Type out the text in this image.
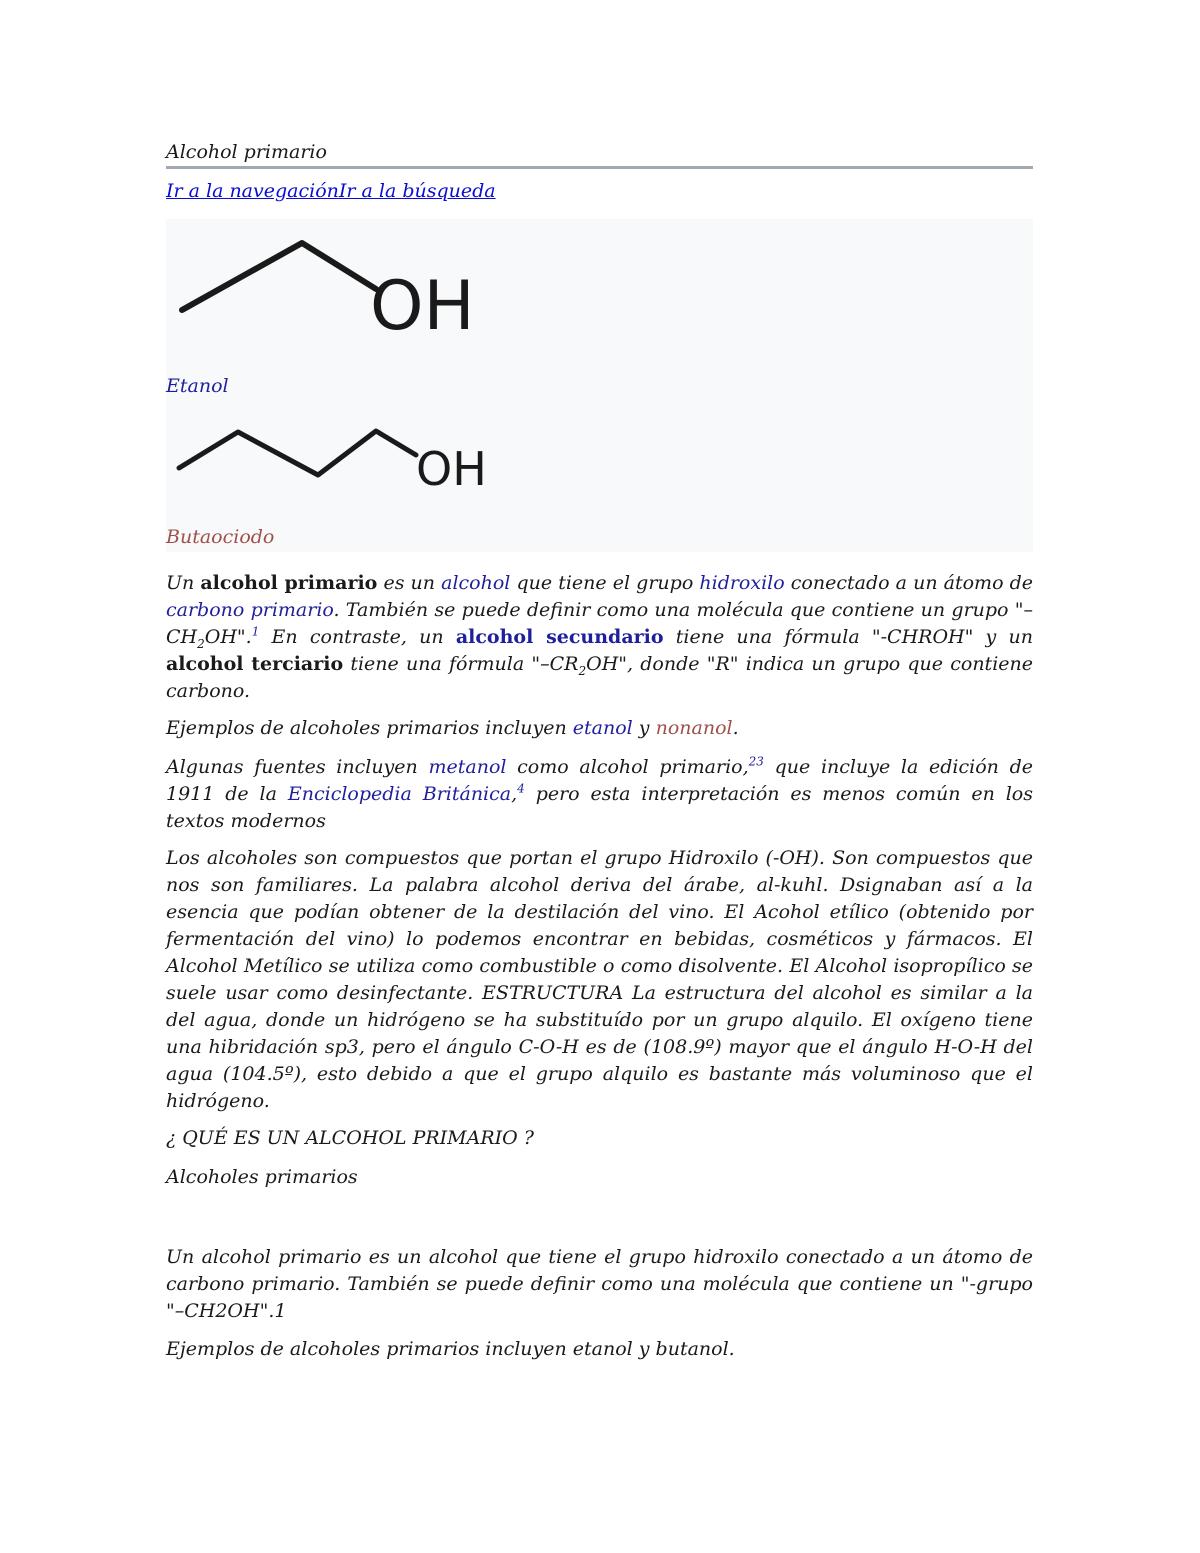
Alcohol primario
Ir a la navegaciónIr a la búsqueda
OH
Etanol
OH
Butaociodo

Un alcohol primario es un alcohol que tiene el grupo hidroxilo conectado a un átomo de carbono primario. También se puede definir como una molécula que contiene un grupo "$-CH_2OH".^1$ En contraste, un alcohol secundario tiene una fórmula "-CHROH" y un alcohol terciario tiene una fórmula "$-CR_2OH$", donde "R" indica un grupo que contiene carbono.

Ejemplos de alcoholes primarios incluyen etanol y nonanol.

Algunas fuentes incluyen metanol como alcohol primario,$^{23}$ que incluye la edición de 1911 de la Enciclopedia Británica,$^4$ pero esta interpretación es menos común en los textos modernos

Los alcoholes son compuestos que portan el grupo Hidroxilo (-OH). Son compuestos que nos son familiares. La palabra alcohol deriva del árabe, al-kuhl. Dsignaban así a la esencia que podían obtener de la destilación del vino. El Acohol etílico (obtenido por fermentación del vino) lo podemos encontrar en bebidas, cosméticos y fármacos. El Alcohol Metílico se utiliza como combustible o como disolvente. El Alcohol isopropílico se suele usar como desinfectante. ESTRUCTURA La estructura del alcohol es similar a la del agua, donde un hidrógeno se ha substituído por un grupo alquilo. El oxígeno tiene una hibridación sp3, pero el ángulo C-O-H es de (108.9º) mayor que el ángulo H-O-H del agua (104.5º), esto debido a que el grupo alquilo es bastante más voluminoso que el hidrógeno.

¿ QUÉ ES UN ALCOHOL PRIMARIO ?

Alcoholes primarios

Un alcohol primario es un alcohol que tiene el grupo hidroxilo conectado a un átomo de carbono primario. También se puede definir como una molécula que contiene un "-grupo "–CH2OH".1

Ejemplos de alcoholes primarios incluyen etanol y butanol.
